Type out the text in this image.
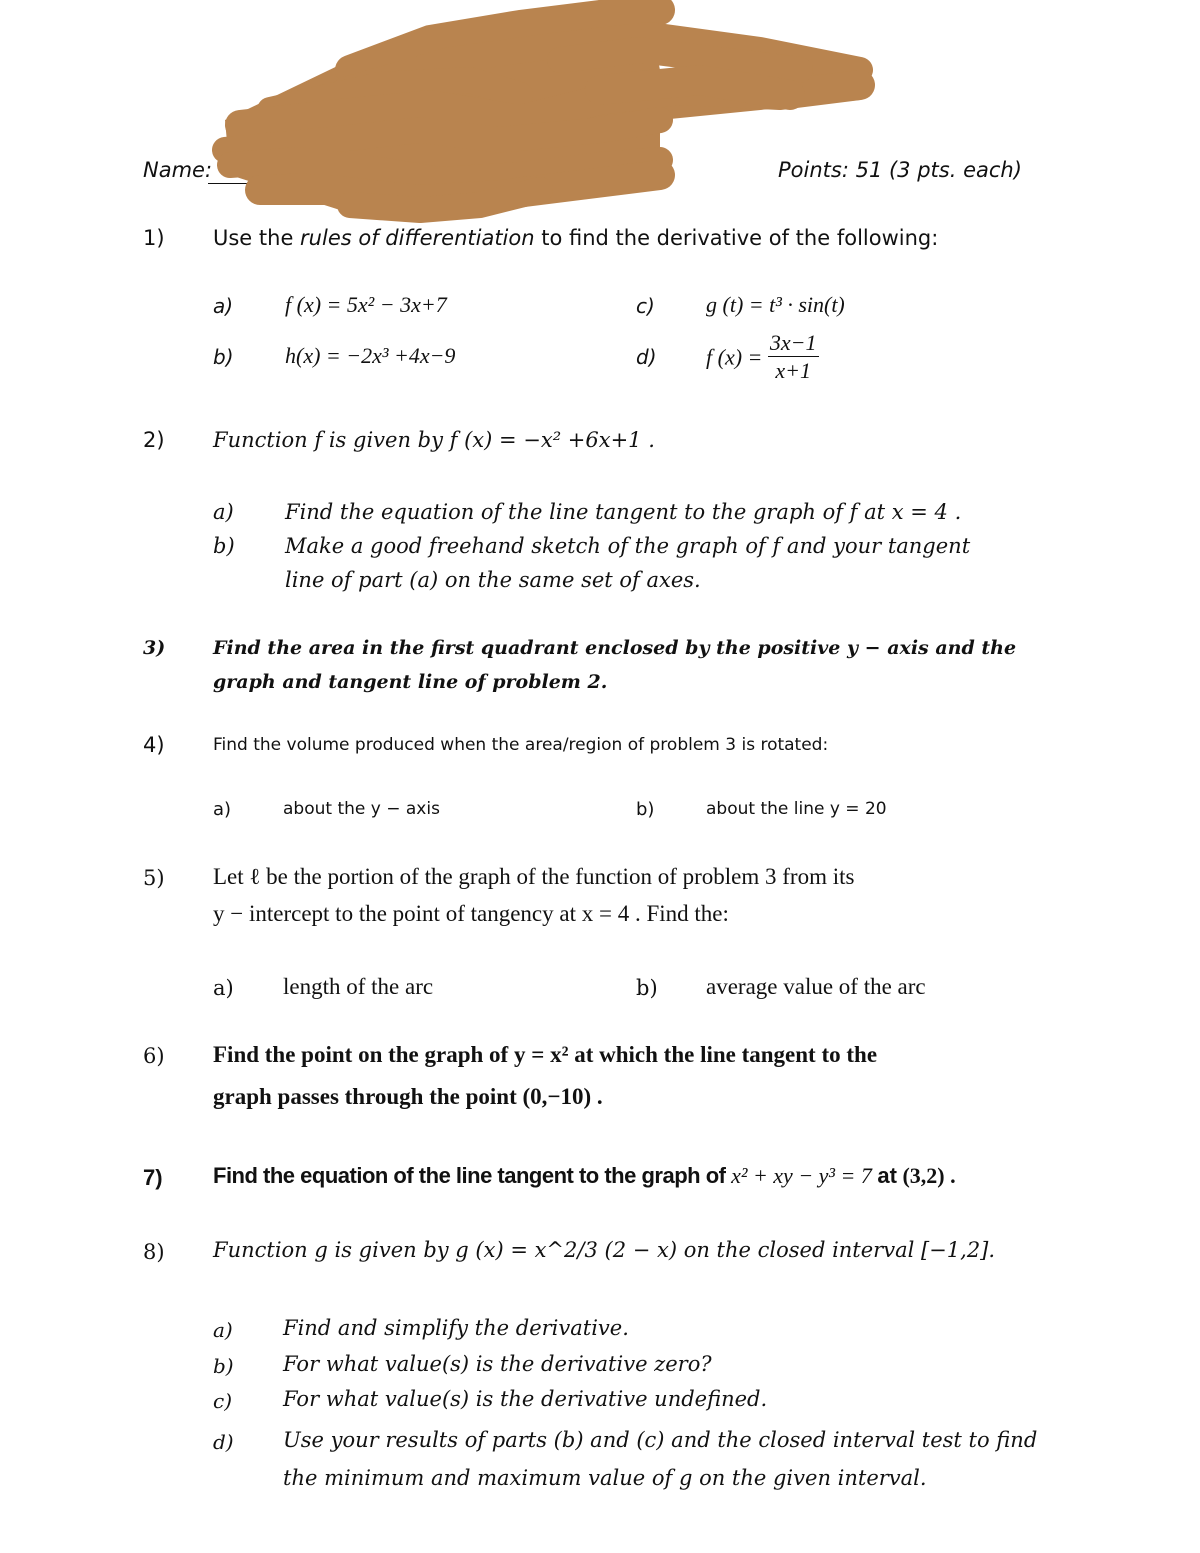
Name:	Points: 51 (3 pts. each)
1) Use the rules of differentiation to find the derivative of the following:
a) f (x) = 5x² − 3x+7
b) h(x) = −2x³ +4x−9
c) g (t) = t³ · sin(t)
d) f $(x) = \frac{3x-1}{x+1}$
2) Function f is given by f (x) = −x² +6x+1 .
a) Find the equation of the line tangent to the graph of f at x = 4 .
b) Make a good freehand sketch of the graph of f and your tangent
line of part (a) on the same set of axes.
3)	Find the area in the first quadrant enclosed by the positive y − axis and the
graph and tangent line of problem 2.
4)	Find the volume produced when the area/region of problem 3 is rotated:
a)	about the y − axis	b)	about the line y = 20
5) Let ℓ be the portion of the graph of the function of problem 3 from its
y − intercept to the point of tangency at x = 4 . Find the:
a) length of the arc	b) average value of the arc
6) Find the point on the graph of y = x² at which the line tangent to the
graph passes through the point (0,−10) .
7) Find the equation of the line tangent to the graph of x² + xy − y³ = 7 at (3,2) .
8) Function g is given by g (x) = x^2/3 (2 − x) on the closed interval [−1,2].
a) Find and simplify the derivative.
b) For what value(s) is the derivative zero?
c) For what value(s) is the derivative undefined.
d) Use your results of parts (b) and (c) and the closed interval test to find
the minimum and maximum value of g on the given interval.
